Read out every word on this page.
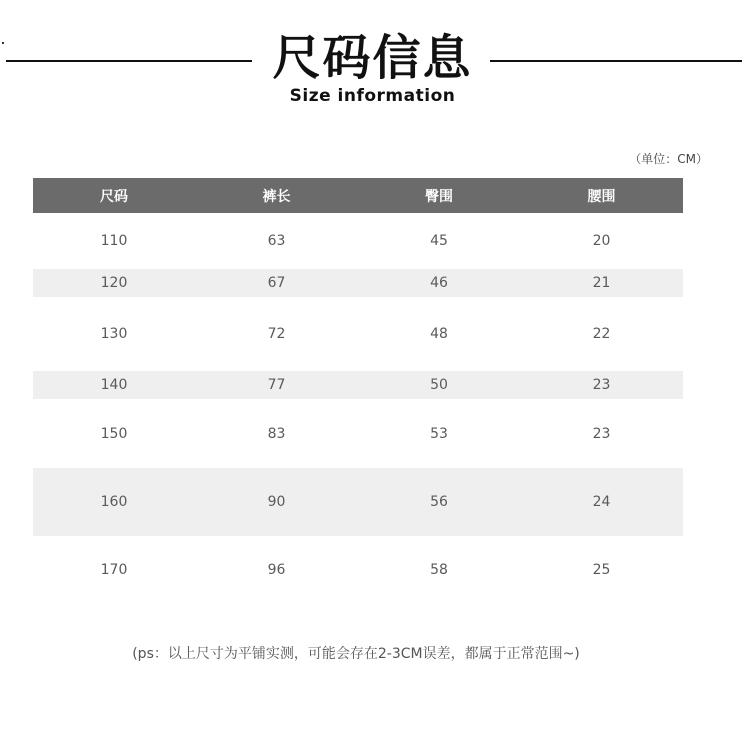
尺码信息
Size information
（单位：CM）
尺码	裤长	臀围	腰围
110	63	45	20
120	67	46	21
130	72	48	22
140	77	50	23
150	83	53	23
160	90	56	24
170	96	58	25
(ps：以上尺寸为平铺实测，可能会存在2-3CM误差，都属于正常范围~)
